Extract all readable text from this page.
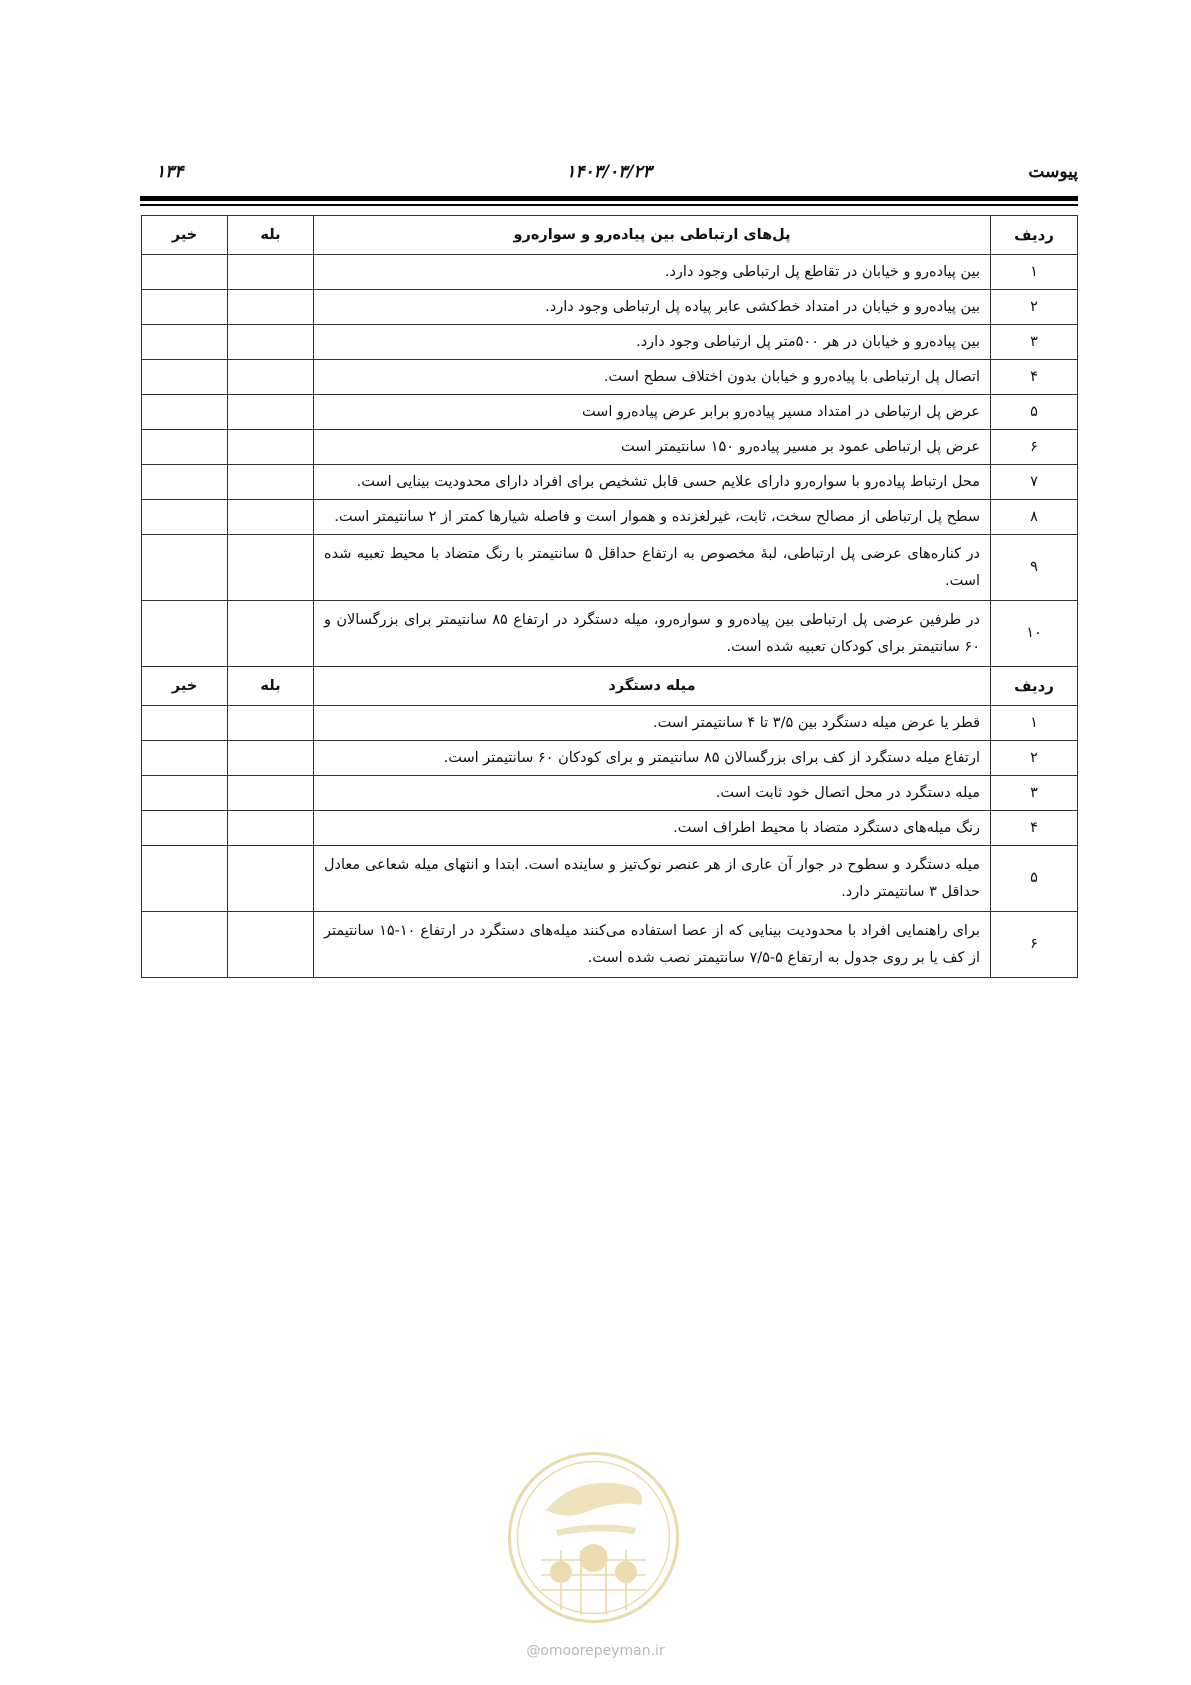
۱۳۴	۱۴۰۳/۰۳/۲۳	پیوست
ردیف	پل‌های ارتباطی بین پیاده‌رو و سواره‌رو	بله	خیر
۱	بین پیاده‌رو و خیابان در تقاطع پل ارتباطی وجود دارد.		
۲	بین پیاده‌رو و خیابان در امتداد خط‌کشی عابر پیاده پل ارتباطی وجود دارد.		
۳	بین پیاده‌رو و خیابان در هر ۵۰۰متر پل ارتباطی وجود دارد.		
۴	اتصال پل ارتباطی با پیاده‌رو و خیابان بدون اختلاف سطح است.		
۵	عرض پل ارتباطی در امتداد مسیر پیاده‌رو برابر عرض پیاده‌رو است		
۶	عرض پل ارتباطی عمود بر مسیر پیاده‌رو ۱۵۰ سانتیمتر است		
۷	محل ارتباط پیاده‌رو با سواره‌رو دارای علایم حسی قابل تشخیص برای افراد دارای محدودیت بینایی است.		
۸	سطح پل ارتباطی از مصالح سخت، ثابت، غیرلغزنده و هموار است و فاصله شیارها کمتر از ۲ سانتیمتر است.		
۹	در کناره‌های عرضی پل ارتباطی، لبۀ مخصوص به ارتفاع حداقل ۵ سانتیمتر با رنگ متضاد با محیط تعبیه شده است.		
۱۰	در طرفین عرضی پل ارتباطی بین پیاده‌رو و سواره‌رو، میله دستگرد در ارتفاع ۸۵ سانتیمتر برای بزرگسالان و ۶۰ سانتیمتر برای کودکان تعبیه شده است.		
ردیف	میله دستگرد	بله	خیر
۱	قطر یا عرض میله دستگرد بین ۳/۵ تا ۴ سانتیمتر است.		
۲	ارتفاع میله دستگرد از کف برای بزرگسالان ۸۵ سانتیمتر و برای کودکان ۶۰ سانتیمتر است.		
۳	میله دستگرد در محل اتصال خود ثابت است.		
۴	رنگ میله‌های دستگرد متضاد با محیط اطراف است.		
۵	میله دستگرد و سطوح در جوار آن عاری از هر عنصر نوک‌تیز و ساینده است. ابتدا و انتهای میله شعاعی معادل حداقل ۳ سانتیمتر دارد.		
۶	برای راهنمایی افراد با محدودیت بینایی که از عصا استفاده می‌کنند میله‌های دستگرد در ارتفاع ۱۰-۱۵ سانتیمتر از کف یا بر روی جدول به ارتفاع ۵-۷/۵ سانتیمتر نصب شده است.		
@omoorepeyman.ir
